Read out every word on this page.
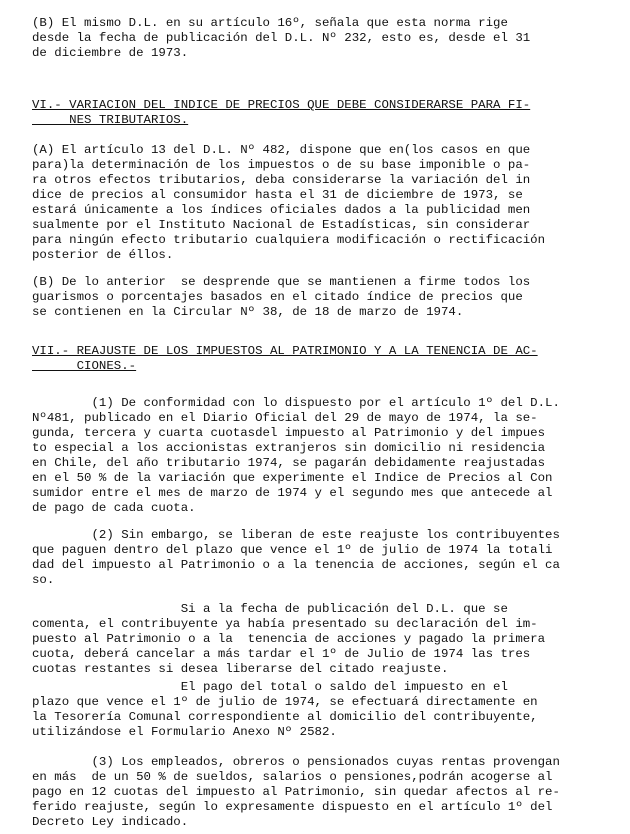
(B) El mismo D.L. en su artículo 16º, señala que esta norma rige
desde la fecha de publicación del D.L. Nº 232, esto es, desde el 31
de diciembre de 1973.
VI.- VARIACION DEL INDICE DE PRECIOS QUE DEBE CONSIDERARSE PARA FI-
NES TRIBUTARIOS.
(A) El artículo 13 del D.L. Nº 482, dispone que en(los casos en que
para)la determinación de los impuestos o de su base imponible o pa-
ra otros efectos tributarios, deba considerarse la variación del in
dice de precios al consumidor hasta el 31 de diciembre de 1973, se
estará únicamente a los índices oficiales dados a la publicidad men
sualmente por el Instituto Nacional de Estadísticas, sin considerar
para ningún efecto tributario cualquiera modificación o rectificación
posterior de éllos.
(B) De lo anterior  se desprende que se mantienen a firme todos los
guarismos o porcentajes basados en el citado índice de precios que
se contienen en la Circular Nº 38, de 18 de marzo de 1974.
VII.- REAJUSTE DE LOS IMPUESTOS AL PATRIMONIO Y A LA TENENCIA DE AC-
CIONES.-
(1) De conformidad con lo dispuesto por el artículo 1º del D.L.
Nº481, publicado en el Diario Oficial del 29 de mayo de 1974, la se-
gunda, tercera y cuarta cuotasdel impuesto al Patrimonio y del impues
to especial a los accionistas extranjeros sin domicilio ni residencia
en Chile, del año tributario 1974, se pagarán debidamente reajustadas
en el 50 % de la variación que experimente el Indice de Precios al Con
sumidor entre el mes de marzo de 1974 y el segundo mes que antecede al
de pago de cada cuota.
(2) Sin embargo, se liberan de este reajuste los contribuyentes
que paguen dentro del plazo que vence el 1º de julio de 1974 la totali
dad del impuesto al Patrimonio o a la tenencia de acciones, según el ca
so.
Si a la fecha de publicación del D.L. que se
comenta, el contribuyente ya había presentado su declaración del im-
puesto al Patrimonio o a la  tenencia de acciones y pagado la primera
cuota, deberá cancelar a más tardar el 1º de Julio de 1974 las tres
cuotas restantes si desea liberarse del citado reajuste.
El pago del total o saldo del impuesto en el
plazo que vence el 1º de julio de 1974, se efectuará directamente en
la Tesorería Comunal correspondiente al domicilio del contribuyente,
utilizándose el Formulario Anexo Nº 2582.
(3) Los empleados, obreros o pensionados cuyas rentas provengan
en más  de un 50 % de sueldos, salarios o pensiones,podrán acogerse al
pago en 12 cuotas del impuesto al Patrimonio, sin quedar afectos al re-
ferido reajuste, según lo expresamente dispuesto en el artículo 1º del
Decreto Ley indicado.
